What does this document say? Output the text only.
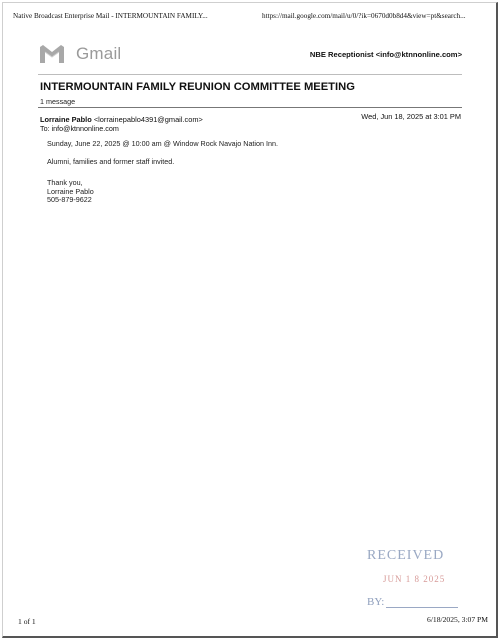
Native Broadcast Enterprise Mail - INTERMOUNTAIN FAMILY...	https://mail.google.com/mail/u/0/?ik=0670d0b8d4&view=pt&search...
Gmail	NBE Receptionist <info@ktnnonline.com>
INTERMOUNTAIN FAMILY REUNION COMMITTEE MEETING
1 message
Lorraine Pablo <lorrainepablo4391@gmail.com>	Wed, Jun 18, 2025 at 3:01 PM
To: info@ktnnonline.com
Sunday, June 22, 2025 @ 10:00 am @ Window Rock Navajo Nation Inn.
Alumni, families and former staff invited.
Thank you,
Lorraine Pablo
505-879-9622
RECEIVED
JUN 1 8 2025
BY:
1 of 1	6/18/2025, 3:07 PM
